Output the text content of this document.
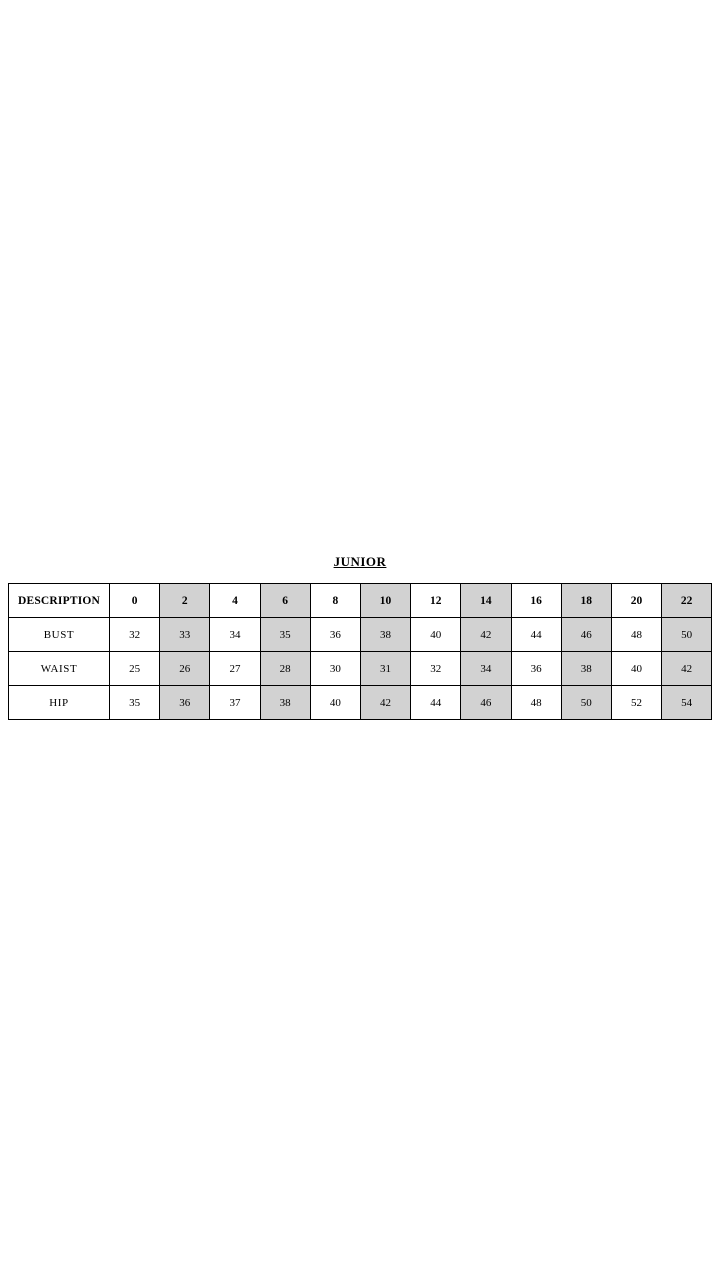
JUNIOR
DESCRIPTION	0	2	4	6	8	10	12	14	16	18	20	22
BUST	32	33	34	35	36	38	40	42	44	46	48	50
WAIST	25	26	27	28	30	31	32	34	36	38	40	42
HIP	35	36	37	38	40	42	44	46	48	50	52	54
